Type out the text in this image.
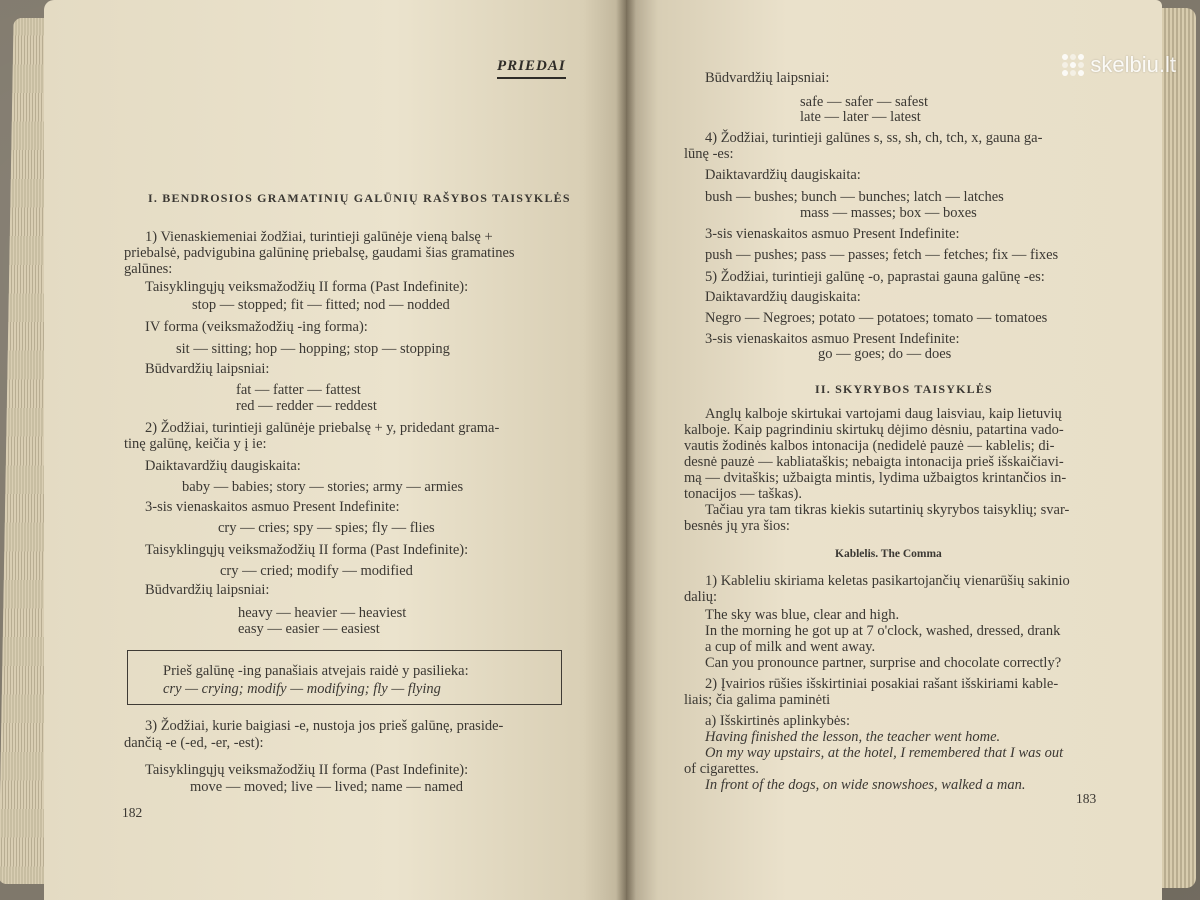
PRIEDAI
I. BENDROSIOS GRAMATINIŲ GALŪNIŲ RAŠYBOS TAISYKLĖS
1) Vienaskiemeniai žodžiai, turintieji galūnėje vieną balsę +
priebalsė, padvigubina galūninę priebalsę, gaudami šias gramatines
galūnes:
Taisyklingųjų veiksmažodžių II forma (Past Indefinite):
stop — stopped; fit — fitted; nod — nodded
IV forma (veiksmažodžių -ing forma):
sit — sitting; hop — hopping; stop — stopping
Būdvardžių laipsniai:
fat — fatter — fattest
red — redder — reddest
2) Žodžiai, turintieji galūnėje priebalsę + y, pridedant grama-
tinę galūnę, keičia y į ie:
Daiktavardžių daugiskaita:
baby — babies; story — stories; army — armies
3-sis vienaskaitos asmuo Present Indefinite:
cry — cries; spy — spies; fly — flies
Taisyklingųjų veiksmažodžių II forma (Past Indefinite):
cry — cried; modify — modified
Būdvardžių laipsniai:
heavy — heavier — heaviest
easy — easier — easiest
Prieš galūnę -ing panašiais atvejais raidė y pasilieka:
cry — crying; modify — modifying; fly — flying
3) Žodžiai, kurie baigiasi -e, nustoja jos prieš galūnę, praside-
dančią -e (-ed, -er, -est):
Taisyklingųjų veiksmažodžių II forma (Past Indefinite):
move — moved; live — lived; name — named
182
Būdvardžių laipsniai:
safe — safer — safest
late — later — latest
4) Žodžiai, turintieji galūnes s, ss, sh, ch, tch, x, gauna ga-
lūnę -es:
Daiktavardžių daugiskaita:
bush — bushes; bunch — bunches; latch — latches
mass — masses; box — boxes
3-sis vienaskaitos asmuo Present Indefinite:
push — pushes; pass — passes; fetch — fetches; fix — fixes
5) Žodžiai, turintieji galūnę -o, paprastai gauna galūnę -es:
Daiktavardžių daugiskaita:
Negro — Negroes; potato — potatoes; tomato — tomatoes
3-sis vienaskaitos asmuo Present Indefinite:
go — goes; do — does
II. SKYRYBOS TAISYKLĖS
Anglų kalboje skirtukai vartojami daug laisviau, kaip lietuvių
kalboje. Kaip pagrindiniu skirtukų dėjimo dėsniu, patartina vado-
vautis žodinės kalbos intonacija (nedidelė pauzė — kablelis; di-
desnė pauzė — kabliataškis; nebaigta intonacija prieš išskaičiavi-
mą — dvitaškis; užbaigta mintis, lydima užbaigtos krintančios in-
tonacijos — taškas).
Tačiau yra tam tikras kiekis sutartinių skyrybos taisyklių; svar-
besnės jų yra šios:
Kablelis. The Comma
1) Kableliu skiriama keletas pasikartojančių vienarūšių sakinio
dalių:
The sky was blue, clear and high.
In the morning he got up at 7 o'clock, washed, dressed, drank
a cup of milk and went away.
Can you pronounce partner, surprise and chocolate correctly?
2) Įvairios rūšies išskirtiniai posakiai rašant išskiriami kable-
liais; čia galima paminėti
a) Išskirtinės aplinkybės:
Having finished the lesson, the teacher went home.
On my way upstairs, at the hotel, I remembered that I was out
of cigarettes.
In front of the dogs, on wide snowshoes, walked a man.
183
skelbiu.lt
